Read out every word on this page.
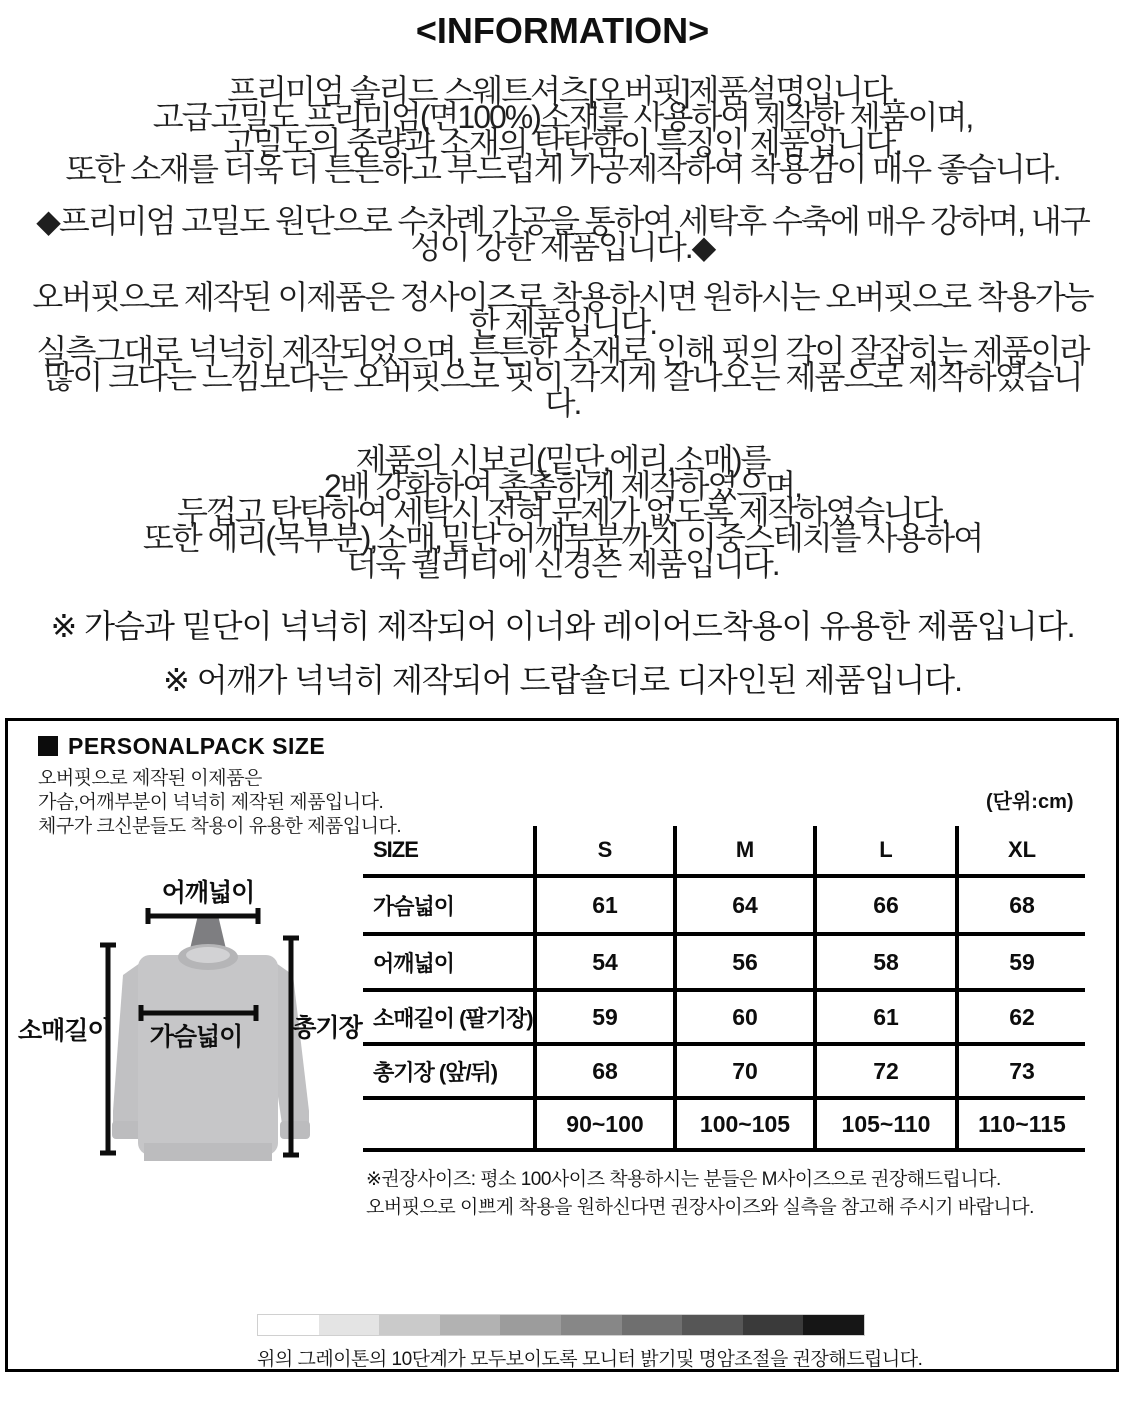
<INFORMATION>
프리미엄 솔리드 스웨트셔츠[오버핏]제품설명입니다.
고급고밀도 프리미엄(면100%)소재를 사용하여 제작한 제품이며,
고밀도의 중량과 소재의 탄탄함이 특징인 제품입니다.
또한 소재를 더욱 더 튼튼하고 부드럽게 가공제작하여 착용감이 매우 좋습니다.
◆프리미엄 고밀도 원단으로 수차례 가공을 통하여 세탁후 수축에 매우 강하며, 내구
성이 강한 제품입니다.◆
오버핏으로 제작된 이제품은 정사이즈로 착용하시면 원하시는 오버핏으로 착용가능
한 제품입니다.
실측그대로 넉넉히 제작되었으며, 튼튼한 소재로 인해 핏의 각이 잘잡히는 제품이라
많이 크다는 느낌보다는 오버핏으로 핏이 각지게 잘나오는 제품으로 제작하였습니
다.
제품의 시보리(밑단,에리,소매)를
2배 강화하여 촘촘하게 제작하였으며,
두껍고 탄탄하여 세탁시 전혀 문제가 없도록 제작하였습니다.
또한 에리(목부분),소매,밑단 어깨부분까지 이중스테치를 사용하여
더욱 퀄리티에 신경쓴 제품입니다.
※ 가슴과 밑단이 넉넉히 제작되어 이너와 레이어드착용이 유용한 제품입니다.
※ 어깨가 넉넉히 제작되어 드랍숄더로 디자인된 제품입니다.
PERSONALPACK SIZE
오버핏으로 제작된 이제품은
가슴,어깨부분이 넉넉히 제작된 제품입니다.
체구가 크신분들도 착용이 유용한 제품입니다.
(단위:cm)
어깨넓이
소매길이	가슴넓이	총기장
SIZE	S	M	L	XL
가슴넓이	61	64	66	68
어깨넓이	54	56	58	59
소매길이 (팔기장)	59	60	61	62
총기장 (앞/뒤)	68	70	72	73
	90~100	100~105	105~110	110~115
※권장사이즈: 평소 100사이즈 착용하시는 분들은 M사이즈으로 권장해드립니다.
오버핏으로 이쁘게 착용을 원하신다면 권장사이즈와 실측을 참고해 주시기 바랍니다.
위의 그레이톤의 10단계가 모두보이도록 모니터 밝기및 명암조절을 권장해드립니다.
